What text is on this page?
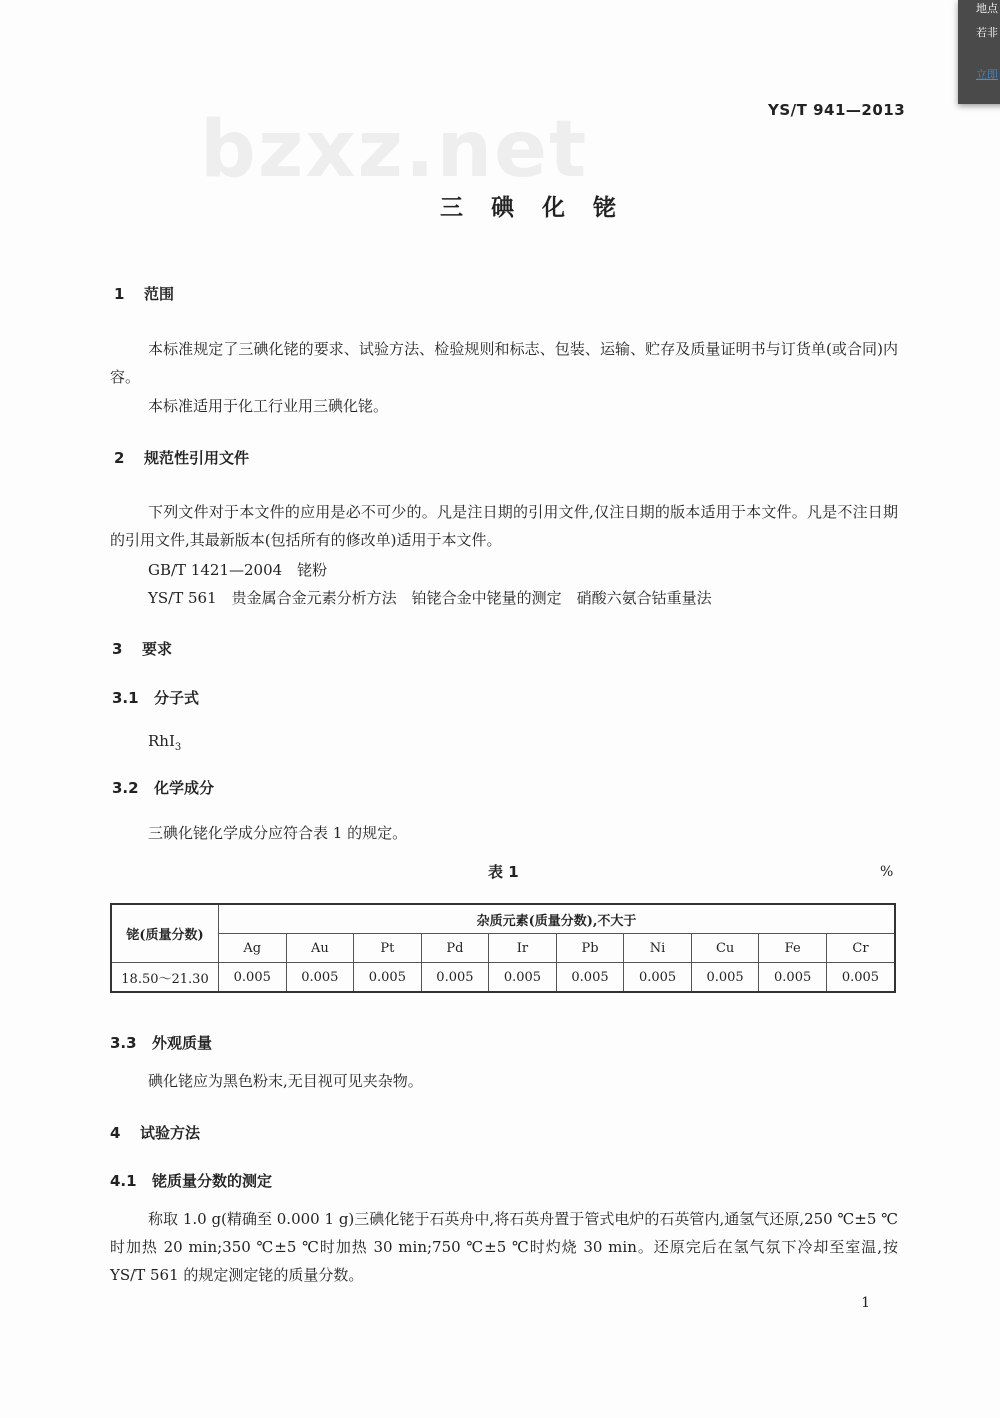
bzxz.net	YS/T 941—2013
三 碘 化 铑
1 范围
本标准规定了三碘化铑的要求、试验方法、检验规则和标志、包装、运输、贮存及质量证明书与订货单(或合同)内容。
本标准适用于化工行业用三碘化铑。
2 规范性引用文件
下列文件对于本文件的应用是必不可少的。凡是注日期的引用文件,仅注日期的版本适用于本文件。凡是不注日期的引用文件,其最新版本(包括所有的修改单)适用于本文件。
GB/T 1421—2004　铑粉
YS/T 561　贵金属合金元素分析方法　铂铑合金中铑量的测定　硝酸六氨合钴重量法
3 要求
3.1 分子式
RhI$_3$
3.2 化学成分
三碘化铑化学成分应符合表 1 的规定。
表 1	%
铑(质量分数)	杂质元素(质量分数),不大于									
	Ag	Au	Pt	Pd	Ir	Pb	Ni	Cu	Fe	Cr
18.50～21.30	0.005	0.005	0.005	0.005	0.005	0.005	0.005	0.005	0.005	0.005
3.3 外观质量
碘化铑应为黑色粉末,无目视可见夹杂物。
4 试验方法
4.1 铑质量分数的测定
称取 1.0 g(精确至 0.000 1 g)三碘化铑于石英舟中,将石英舟置于管式电炉的石英管内,通氢气还原,250 ℃±5 ℃时加热 20 min;350 ℃±5 ℃时加热 30 min;750 ℃±5 ℃时灼烧 30 min。还原完后在氢气氛下冷却至室温,按 YS/T 561 的规定测定铑的质量分数。
1
地点
若非
立即
